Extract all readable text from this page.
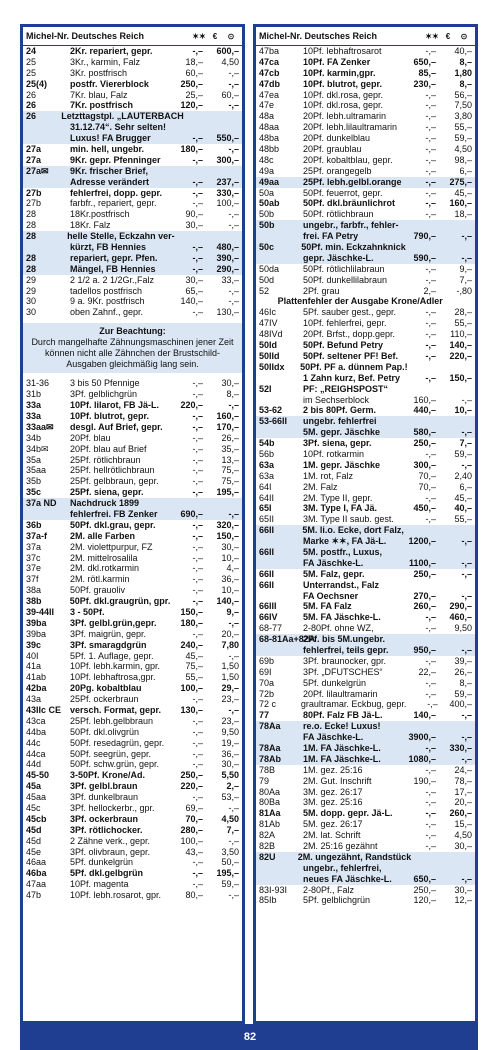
Michel-Nr. Deutsches Reich	✶✶ €	⊙
24	2Kr. repariert, gepr.	-,–	600,–
25	3Kr., karmin, Falz	18,–	4,50
25	3Kr. postfrisch	60,–	-,–
25(4)	postfr. Viererblock	250,–	-,–
26	7Kr. blau, Falz	25,–	60,–
26	7Kr. postfrisch	120,–	-,–
26	Letzttagstpl. „LAUTERBACH
31.12.74“. Sehr selten!
Luxus! FA Brugger	-,–	550,–
27a	min. hell, ungebr.	180,–	-,–
27a	9Kr. gepr. Pfenninger	-,–	300,–
27a✉	9Kr. frischer Brief,
Adresse verändert	-,–	237,–
27b	fehlerfrei, dopp. gepr.	-,–	330,–
27b	farbfr., repariert, gepr.	-,–	100,–
28	18Kr.postfrisch	90,–	-,–
28	18Kr. Falz	30,–	-,–
28	helle Stelle, Eckzahn ver-
kürzt, FB Hennies	-,–	480,–
28	repariert, gepr. Pfen.	-,–	390,–
28	Mängel, FB Hennies	-,–	290,–
29	2 1/2 a. 2 1/2Gr.,Falz	30,–	33,–
29	tadellos postfrisch	65,–	-,–
30	9 a. 9Kr. postfrisch	140,–	-,–
30	oben Zahnf., gepr.	-,–	130,–
Zur Beachtung:
Durch mangelhafte Zähnungsmaschinen jener Zeit können nicht alle Zähnchen der Brustschild-Ausgaben gleichmäßig lang sein.
31-36	3 bis 50 Pfennige	-,–	30,–
31b	3Pf. gelblichgrün	-,–	8,–
33a	10Pf. lilarot, FB Jä-L.	220,–	-,–
33a	10Pf. blutrot, gepr.	-,–	160,–
33aa✉	desgl. Auf Brief, gepr.	-,–	170,–
34b	20Pf. blau	-,–	26,–
34b✉	20Pf. blau auf Brief	-,–	35,–
35a	25Pf. rötlichbraun	-,–	13,–
35aa	25Pf. hellrötlichbraun	-,–	75,–
35b	25Pf. gelbbraun, gepr.	-,–	75,–
35c	25Pf. siena, gepr.	-,–	195,–
37a ND	Nachdruck 1899
fehlerfrei. FB Zenker	690,–	-,–
36b	50Pf. dkl.grau, gepr.	-,–	320,–
37a-f	2M. alle Farben	-,–	150,–
37a	2M. violettpurpur, FZ	-,–	30,–
37c	2M. mittelrosalila	-,–	10,–
37e	2M. dkl.rotkarmin	-,–	4,–
37f	2M. rötl.karmin	-,–	36,–
38a	50Pf. grauoliv	-,–	10,–
38b	50Pf. dkl.graugrün, gpr.	-,–	140,–
39-44II	3 - 50Pf.	150,–	9,–
39ba	3Pf. gelbl.grün,gepr.	180,–	-,–
39ba	3Pf. maigrün, gepr.	-,–	20,–
39c	3Pf. smaragdgrün	240,–	7,80
40I	5Pf. 1. Auflage, gepr.	45,–	-,–
41a	10Pf. lebh.karmin, gpr.	75,–	1,50
41ab	10Pf. lebhaftrosa,gpr.	55,–	1,50
42ba	20Pg. kobaltblau	100,–	29,–
43a	25Pf. ockerbraun	-,–	23,–
43IIc CE versch. Format, gepr.	130,–	-,–
43ca	25Pf. lebh.gelbbraun	-,–	23,–
44ba	50Pf. dkl.olivgrün	-,–	9,50
44c	50Pf. resedagrün, gepr.	-,–	19,–
44ca	50Pf. seegrün, gepr.	-,–	36,–
44d	50Pf. schw.grün, gepr.	-,–	30,–
45-50	3-50Pf. Krone/Ad.	250,–	5,50
45a	3Pf. gelbl.braun	220,–	2,–
45aa	3Pf. dunkelbraun	-,–	53,–
45c	3Pf. hellockerbr., gpr.	69,–	-,–
45cb	3Pf. ockerbraun	70,–	4,50
45d	3Pf. rötlichocker.	280,–	7,–
45d	2 Zähne verk., gepr.	100,–	-,–
45e	3Pf. olivbraun, gepr.	43,–	3,50
46aa	5Pf. dunkelgrün	-,–	50,–
46ba	5Pf. dkl.gelbgrün	-,–	195,–
47aa	10Pf. magenta	-,–	59,–
47b	10Pf. lebh.rosarot, gpr.	80,–	-,–
Michel-Nr. Deutsches Reich	✶✶ €	⊙
47ba	10Pf. lebhaftrosarot	-,–	40,–
47ca	10Pf. FA Zenker	650,–	8,–
47cb	10Pf. karmin,gpr.	85,–	1,80
47db	10Pf. blutrot, gepr.	230,–	8,–
47ea	10Pf. dkl.rosa, gepr.	-,–	56,–
47e	10Pf. dkl.rosa, gepr.	-,–	7,50
48a	20Pf. lebh.ultramarin	-,–	3,80
48aa	20Pf. lebh.lilaultramarin	-,–	55,–
48ba	20Pf. dunkelblau	-,–	59,–
48bb	20Pf. graublau	-,–	4,50
48c	20Pf. kobaltblau, gepr.	-,–	98,–
49a	25Pf. orangegelb	-,–	6,–
49aa	25Pf. lebh.gelbl.orange	-,–	275,–
50a	50Pf. feuerrot, gepr.	-,–	45,–
50ab	50Pf. dkl.bräunlichrot	-,–	160,–
50b	50Pf. rötlichbraun	-,–	18,–
50b	ungebr., farbfr., fehler-
frei. FA Petry	790,–	-,–
50c	50Pf. min. Eckzahnknick
gepr. Jäschke-L.	590,–	-,–
50da	50Pf. rötlichlilabraun	-,–	9,–
50d	50Pf. dunkellilabraun	-,–	7,–
52	2Pf. grau	2,–	-,80
Plattenfehler der Ausgabe Krone/Adler
46Ic	5Pf. sauber gest., gepr.	-,–	28,–
47IV	10Pf. fehlerfrei, gepr.	-,–	55,–
48IVd	20Pf. Brfst., dopp.gepr.	-,–	110,–
50Id	50Pf. Befund Petry	-,–	140,–
50IId	50Pf. seltener PF! Bef.	-,–	220,–
50IIdx	50Pf. PF a. dünnem Pap.!
1 Zahn kurz, Bef. Petry	-,–	150,–
52I	PF: „REIGHSPOST“
im Sechserblock	160,–	-,–
53-62	2 bis 80Pf. Germ.	440,–	10,–
53-66II	ungebr. fehlerfrei
5M. gepr. Jäschke	580,–	-,–
54b	3Pf. siena, gepr.	250,–	7,–
56b	10Pf. rotkarmin	-,–	59,–
63a	1M. gepr. Jäschke	300,–	-,–
63a	1M. rot, Falz	70,–	2,40
64I	2M. Falz	70,–	6,–
64II	2M. Type II, gepr.	-,–	45,–
65I	3M. Type I, FA Jä.	450,–	40,–
65II	3M. Type II saub. gest.	-,–	55,–
66II	5M. li.o. Ecke, dort Falz,
Marke ✶✶, FA Jä-L.	1200,–	-,–
66II	5M. postfr., Luxus,
FA Jäschke-L.	1100,–	-,–
66II	5M. Falz, gepr.	250,–	-,–
66II	Unterrandst., Falz
FA Oechsner	270,–	-,–
66III	5M. FA Falz	260,–	290,–
66IV	5M. FA Jäschke-L.	-,–	460,–
68-77	2-80Pf. ohne WZ,	-,–	9,50
68-81Aa+82A
2Pf. bis 5M.ungebr.
fehlerfrei, teils gepr.	950,–	-,–
69b	3Pf. braunocker, gpr.	-,–	39,–
69I	3Pf. „DFUTSCHES“	22,–	26,–
70a	5Pf. dunkelgrün	-,–	8,–
72b	20Pf. lilaultramarin	-,–	59,–
72 c	graultramar. Eckbug, gepr.	-,–	400,–
77	80Pf. Falz FB Jä-L.	140,–	-,–
78Aa	re.o. Ecke! Luxus!
FA Jäschke-L.	3900,–	-,–
78Aa	1M. FA Jäschke-L.	-,–	330,–
78Ab	1M. FA Jäschke-L.	1080,–	-,–
78B	1M. gez. 25:16	-,–	24,–
79	2M. Gut. Inschrift	190,–	78,–
80Aa	3M. gez. 26:17	-,–	17,–
80Ba	3M. gez. 25:16	-,–	20,–
81Aa	5M. dopp. gepr. Jä-L.	-,–	260,–
81Ab	5M. gez. 26:17	-,–	15,–
82A	2M. lat. Schrift	-,–	4,50
82B	2M. 25:16 gezähnt	-,–	30,–
82U	2M. ungezähnt, Randstück
ungebr., fehlerfrei,
neues FA Jäschke-L.	650,–	-,–
83I-93I	2-80Pf., Falz	250,–	30,–
85Ib	5Pf. gelblichgrün	120,–	12,–
82
